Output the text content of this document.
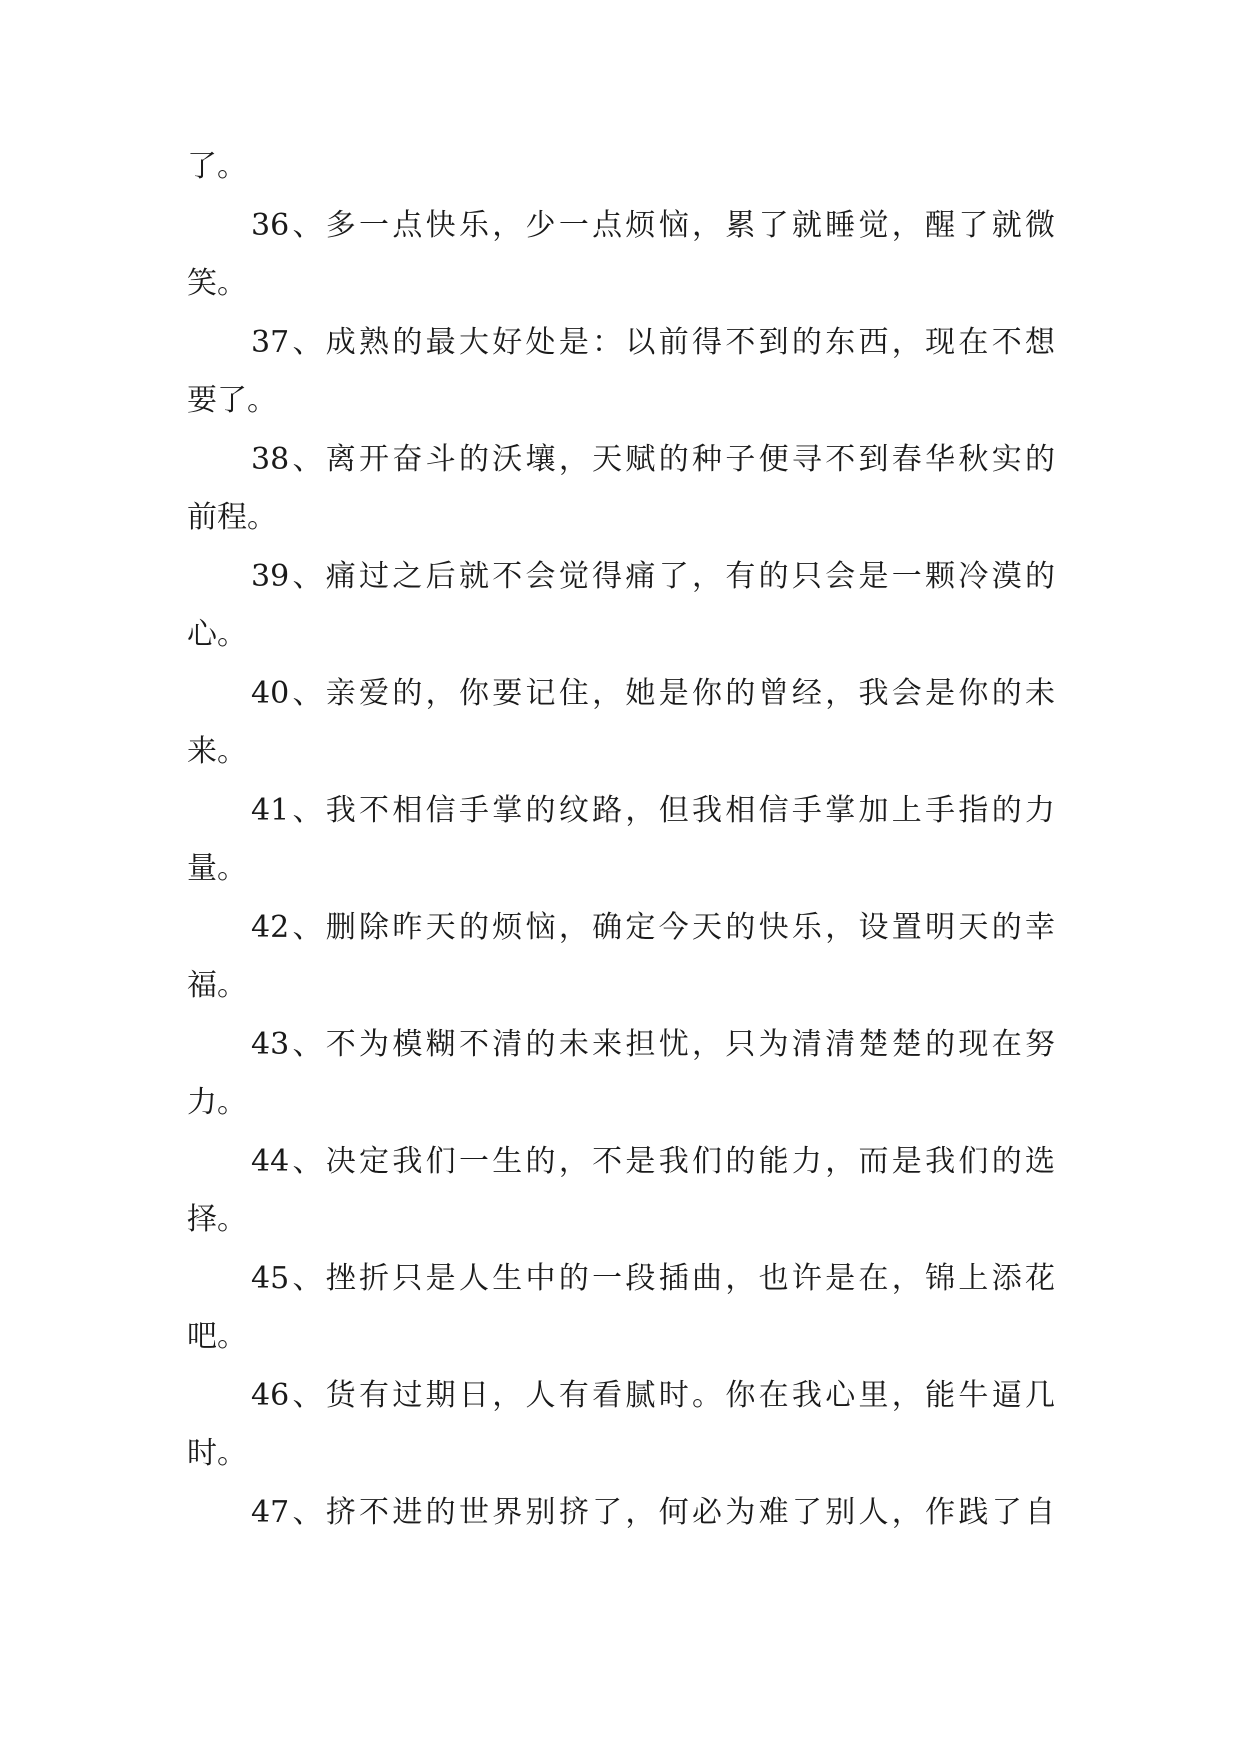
了。
36、多一点快乐，少一点烦恼，累了就睡觉，醒了就微
笑。
37、成熟的最大好处是：以前得不到的东西，现在不想
要了。
38、离开奋斗的沃壤，天赋的种子便寻不到春华秋实的
前程。
39、痛过之后就不会觉得痛了，有的只会是一颗冷漠的
心。
40、亲爱的，你要记住，她是你的曾经，我会是你的未
来。
41、我不相信手掌的纹路，但我相信手掌加上手指的力
量。
42、删除昨天的烦恼，确定今天的快乐，设置明天的幸
福。
43、不为模糊不清的未来担忧，只为清清楚楚的现在努
力。
44、决定我们一生的，不是我们的能力，而是我们的选
择。
45、挫折只是人生中的一段插曲，也许是在，锦上添花
吧。
46、货有过期日，人有看腻时。你在我心里，能牛逼几
时。
47、挤不进的世界别挤了，何必为难了别人，作践了自
